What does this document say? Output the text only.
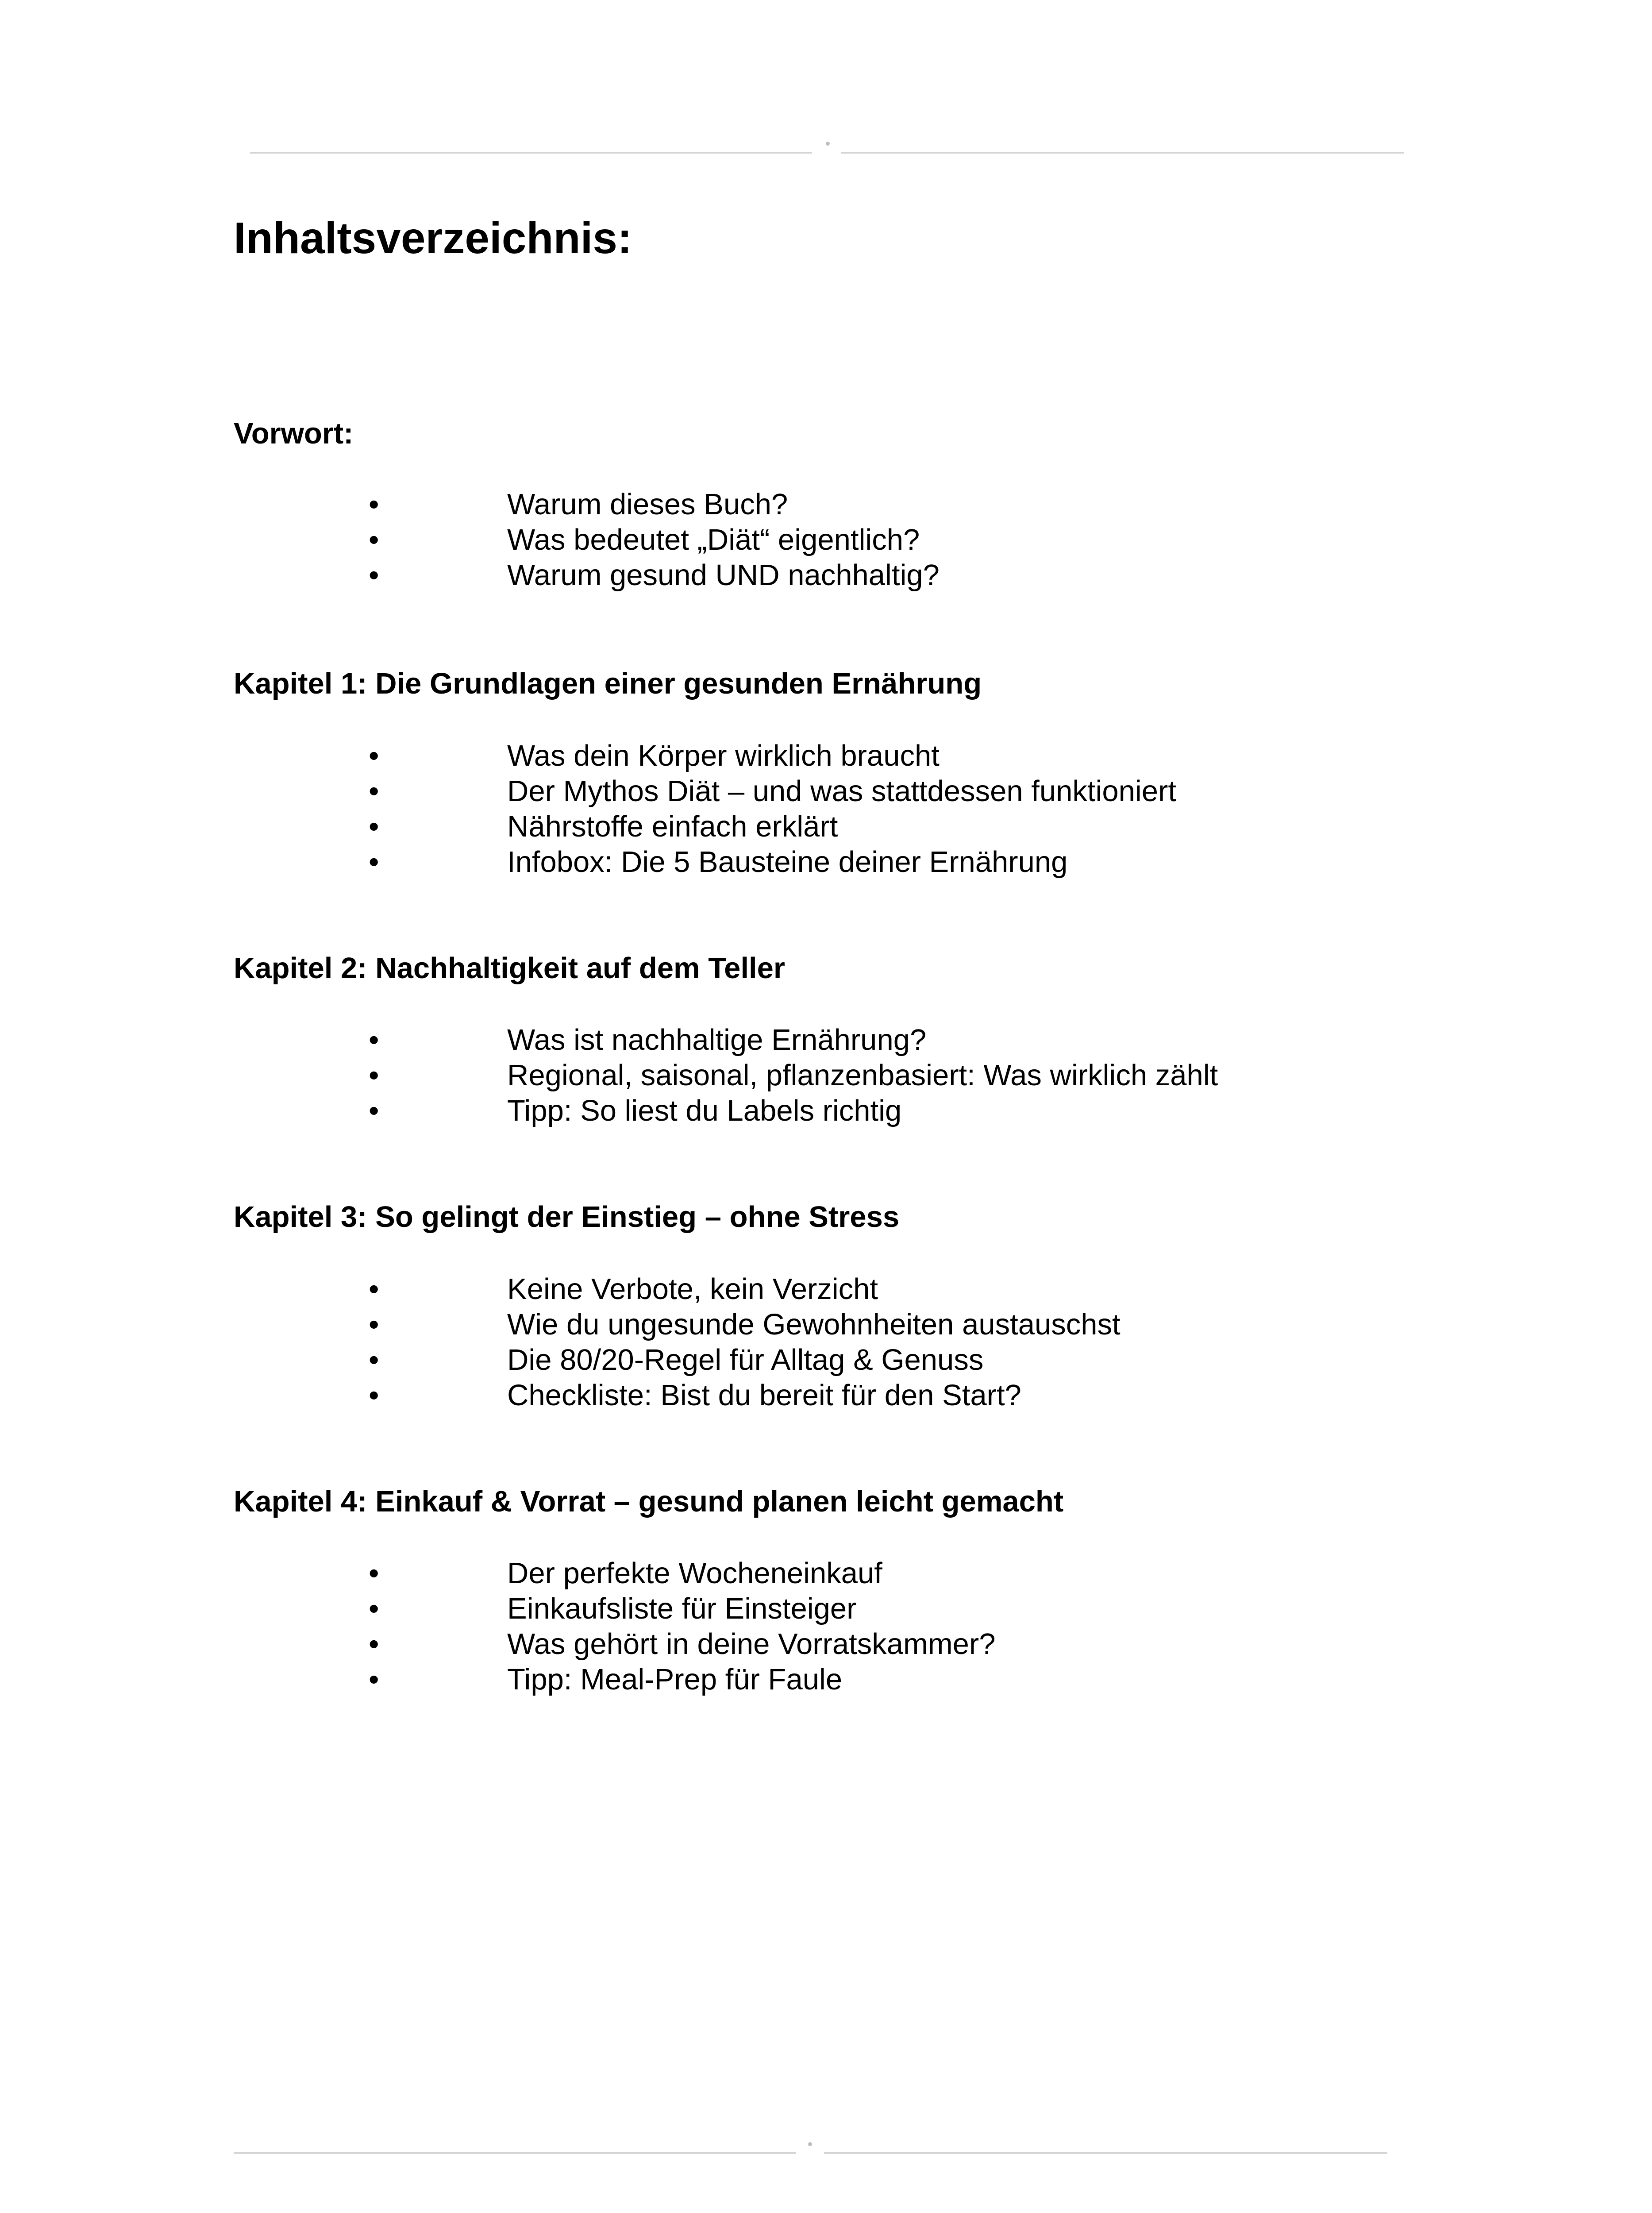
Inhaltsverzeichnis:
Vorwort:
•	Warum dieses Buch?
•	Was bedeutet „Diät“ eigentlich?
•	Warum gesund UND nachhaltig?
Kapitel 1: Die Grundlagen einer gesunden Ernährung
•	Was dein Körper wirklich braucht
•	Der Mythos Diät – und was stattdessen funktioniert
•	Nährstoffe einfach erklärt
•	Infobox: Die 5 Bausteine deiner Ernährung
Kapitel 2: Nachhaltigkeit auf dem Teller
•	Was ist nachhaltige Ernährung?
•	Regional, saisonal, pflanzenbasiert: Was wirklich zählt
•	Tipp: So liest du Labels richtig
Kapitel 3: So gelingt der Einstieg – ohne Stress
•	Keine Verbote, kein Verzicht
•	Wie du ungesunde Gewohnheiten austauschst
•	Die 80/20-Regel für Alltag & Genuss
•	Checkliste: Bist du bereit für den Start?
Kapitel 4: Einkauf & Vorrat – gesund planen leicht gemacht
•	Der perfekte Wocheneinkauf
•	Einkaufsliste für Einsteiger
•	Was gehört in deine Vorratskammer?
•	Tipp: Meal-Prep für Faule
